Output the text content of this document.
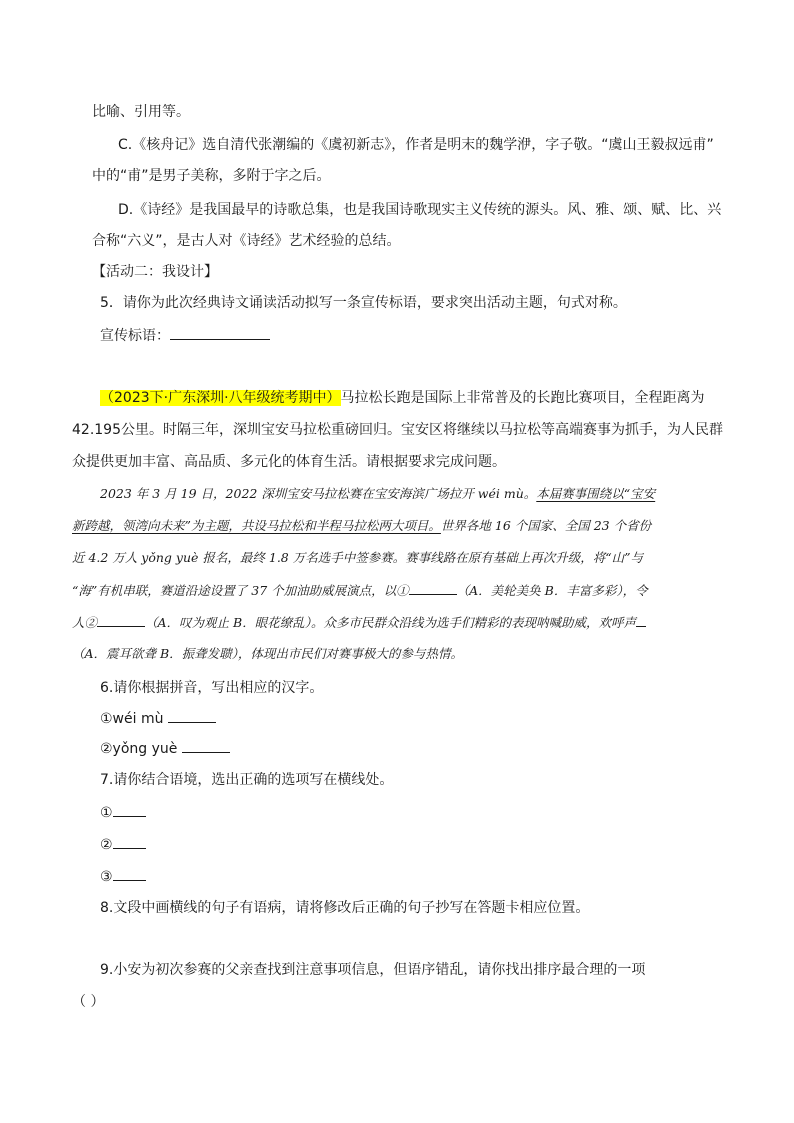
比喻、引用等。
C.《核舟记》选自清代张潮编的《虞初新志》，作者是明末的魏学洢，字子敬。“虞山王毅叔远甫”
中的“甫”是男子美称，多附于字之后。
D.《诗经》是我国最早的诗歌总集，也是我国诗歌现实主义传统的源头。风、雅、颂、赋、比、兴
合称“六义”，是古人对《诗经》艺术经验的总结。
【活动二：我设计】
5．请你为此次经典诗文诵读活动拟写一条宣传标语，要求突出活动主题，句式对称。
宣传标语：
（2023下·广东深圳·八年级统考期中）马拉松长跑是国际上非常普及的长跑比赛项目，全程距离为
42.195公里。时隔三年，深圳宝安马拉松重磅回归。宝安区将继续以马拉松等高端赛事为抓手，为人民群
众提供更加丰富、高品质、多元化的体育生活。请根据要求完成问题。
2023 年 3 月 19 日，2022 深圳宝安马拉松赛在宝安海滨广场拉开 wéi mù。本届赛事围绕以“宝安
新跨越，领湾向未来”为主题，共设马拉松和半程马拉松两大项目。世界各地 16 个国家、全国 23 个省份
近 4.2 万人 yǒng yuè 报名，最终 1.8 万名选手中签参赛。赛事线路在原有基础上再次升级，将“山”与
“海”有机串联，赛道沿途设置了 37 个加油助威展演点，以①	（A．美轮美奂 B．丰富多彩），令
人②	（A．叹为观止 B．眼花缭乱）。众多市民群众沿线为选手们精彩的表现呐喊助威，欢呼声
（A．震耳欲聋 B．振聋发聩），体现出市民们对赛事极大的参与热情。
6.请你根据拼音，写出相应的汉字。
①wéi mù
②yǒng yuè
7.请你结合语境，选出正确的选项写在横线处。
①
②
③
8.文段中画横线的句子有语病，请将修改后正确的句子抄写在答题卡相应位置。
9.小安为初次参赛的父亲查找到注意事项信息，但语序错乱，请你找出排序最合理的一项
（ ）
